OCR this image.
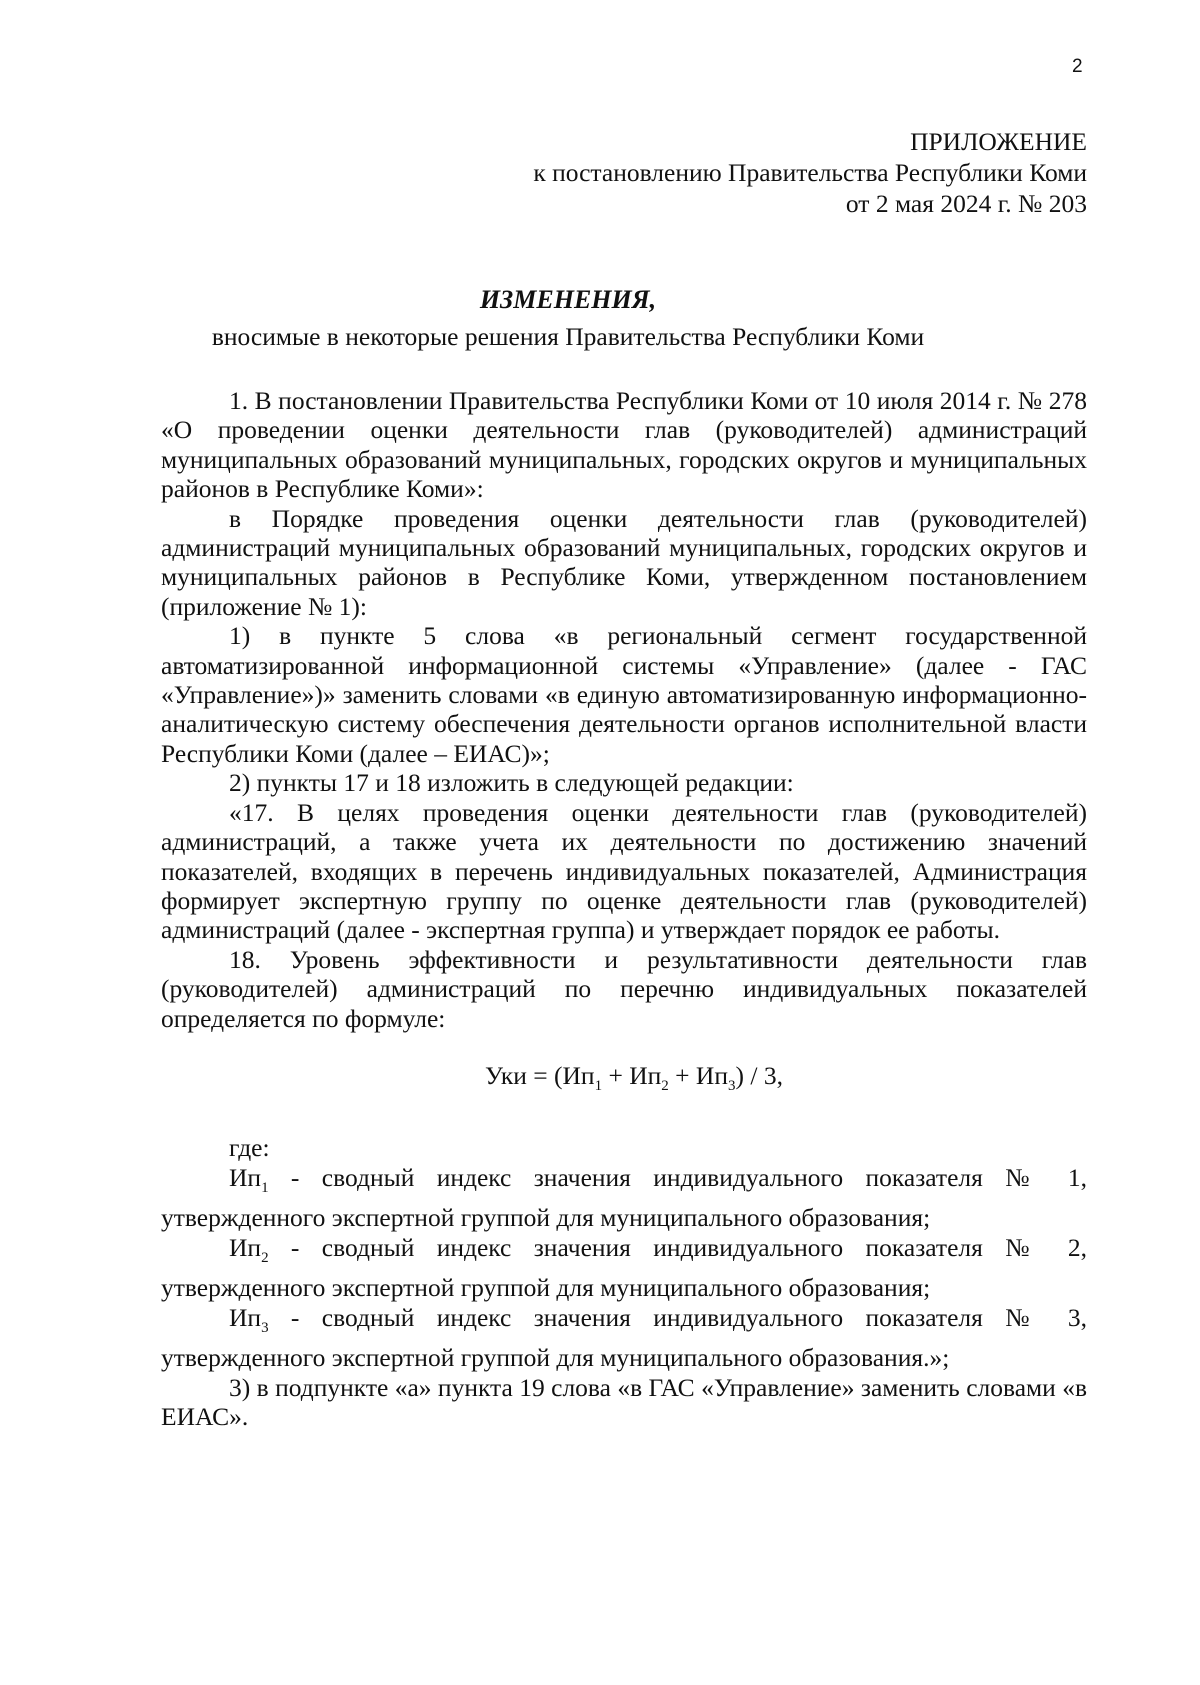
2
ПРИЛОЖЕНИЕ
к постановлению Правительства Республики Коми
от 2 мая 2024 г. № 203
ИЗМЕНЕНИЯ,
вносимые в некоторые решения Правительства Республики Коми

1. В постановлении Правительства Республики Коми от 10 июля 2014 г. № 278 «О проведении оценки деятельности глав (руководителей) администраций муниципальных образований муниципальных, городских округов и муниципальных районов в Республике Коми»:

в Порядке проведения оценки деятельности глав (руководителей) администраций муниципальных образований муниципальных, городских округов и муниципальных районов в Республике Коми, утвержденном постановлением (приложение № 1):

1) в пункте 5 слова «в региональный сегмент государственной автоматизированной информационной системы «Управление» (далее - ГАС «Управление»)» заменить словами «в единую автоматизированную информационно-аналитическую систему обеспечения деятельности органов исполнительной власти Республики Коми (далее – ЕИАС)»;

2) пункты 17 и 18 изложить в следующей редакции:

«17. В целях проведения оценки деятельности глав (руководителей) администраций, а также учета их деятельности по достижению значений показателей, входящих в перечень индивидуальных показателей, Администрация формирует экспертную группу по оценке деятельности глав (руководителей) администраций (далее - экспертная группа) и утверждает порядок ее работы.

18. Уровень эффективности и результативности деятельности глав (руководителей) администраций по перечню индивидуальных показателей определяется по формуле:

Уки = $(Ип_1 + Ип_2 + Ип_3) / 3$,

где:

$Ип_1$ - сводный индекс значения индивидуального показателя № 1, утвержденного экспертной группой для муниципального образования;

$Ип_2$ - сводный индекс значения индивидуального показателя № 2, утвержденного экспертной группой для муниципального образования;

$Ип_3$ - сводный индекс значения индивидуального показателя № 3, утвержденного экспертной группой для муниципального образования.»;

3) в подпункте «а» пункта 19 слова «в ГАС «Управление» заменить словами «в ЕИАС».
